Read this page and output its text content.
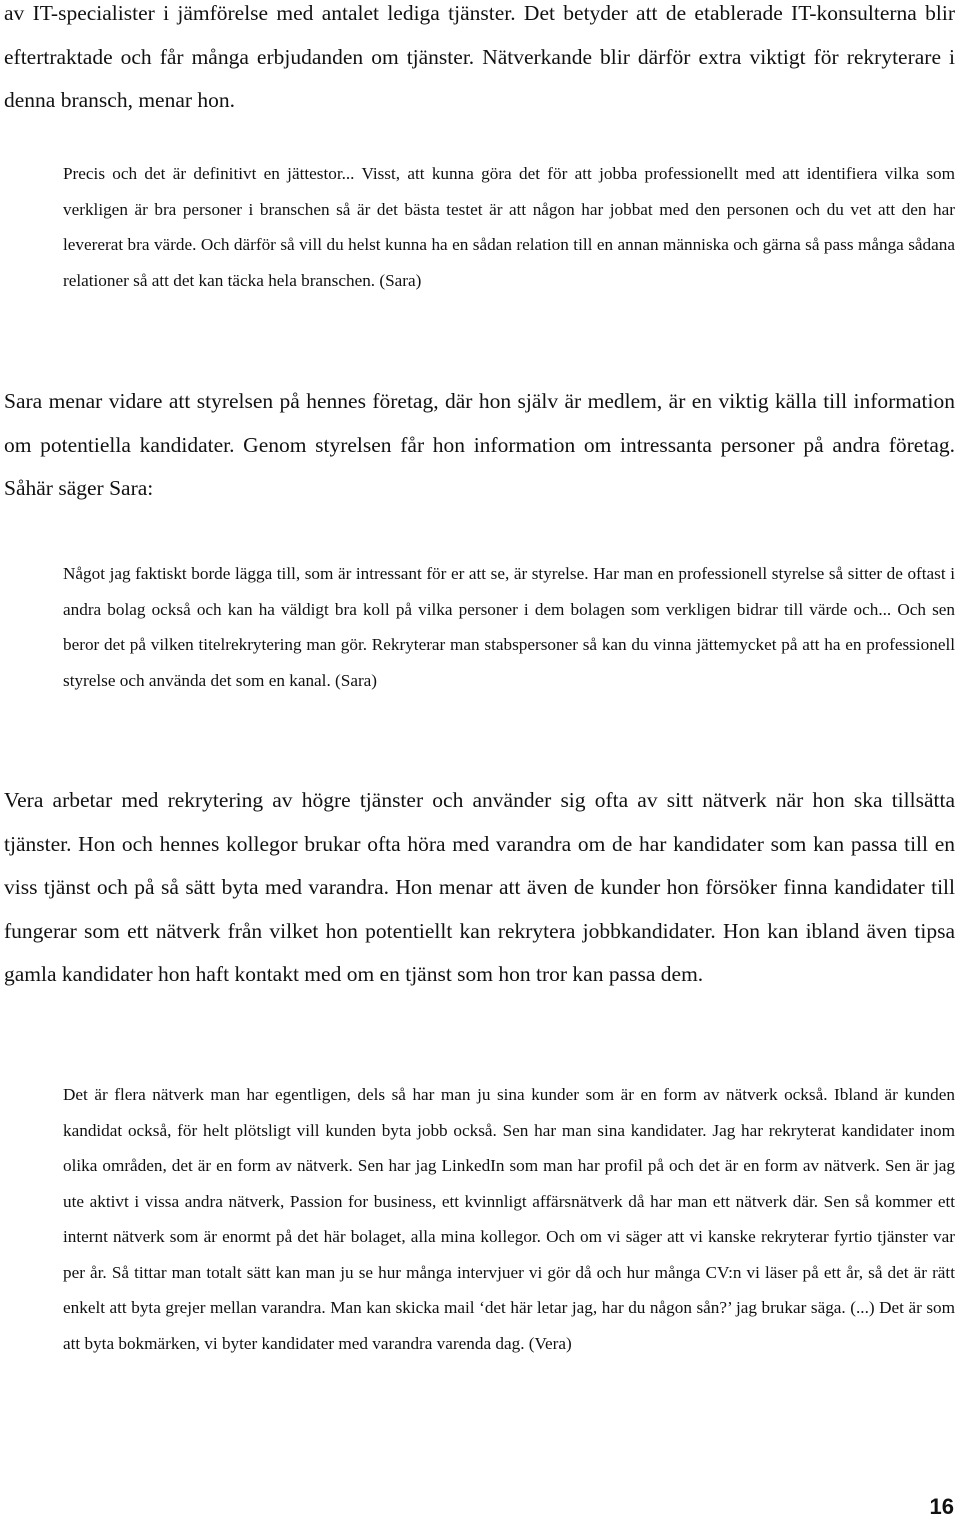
av IT-specialister i jämförelse med antalet lediga tjänster. Det betyder att de etablerade IT-konsulterna blir eftertraktade och får många erbjudanden om tjänster. Nätverkande blir därför extra viktigt för rekryterare i denna bransch, menar hon.

Precis och det är definitivt en jättestor... Visst, att kunna göra det för att jobba professionellt med att identifiera vilka som verkligen är bra personer i branschen så är det bästa testet är att någon har jobbat med den personen och du vet att den har levererat bra värde. Och därför så vill du helst kunna ha en sådan relation till en annan människa och gärna så pass många sådana relationer så att det kan täcka hela branschen. (Sara)

Sara menar vidare att styrelsen på hennes företag, där hon själv är medlem, är en viktig källa till information om potentiella kandidater. Genom styrelsen får hon information om intressanta personer på andra företag. Såhär säger Sara:

Något jag faktiskt borde lägga till, som är intressant för er att se, är styrelse. Har man en professionell styrelse så sitter de oftast i andra bolag också och kan ha väldigt bra koll på vilka personer i dem bolagen som verkligen bidrar till värde och... Och sen beror det på vilken titelrekrytering man gör. Rekryterar man stabspersoner så kan du vinna jättemycket på att ha en professionell styrelse och använda det som en kanal. (Sara)

Vera arbetar med rekrytering av högre tjänster och använder sig ofta av sitt nätverk när hon ska tillsätta tjänster. Hon och hennes kollegor brukar ofta höra med varandra om de har kandidater som kan passa till en viss tjänst och på så sätt byta med varandra. Hon menar att även de kunder hon försöker finna kandidater till fungerar som ett nätverk från vilket hon potentiellt kan rekrytera jobbkandidater. Hon kan ibland även tipsa gamla kandidater hon haft kontakt med om en tjänst som hon tror kan passa dem.

Det är flera nätverk man har egentligen, dels så har man ju sina kunder som är en form av nätverk också. Ibland är kunden kandidat också, för helt plötsligt vill kunden byta jobb också. Sen har man sina kandidater. Jag har rekryterat kandidater inom olika områden, det är en form av nätverk. Sen har jag LinkedIn som man har profil på och det är en form av nätverk. Sen är jag ute aktivt i vissa andra nätverk, Passion for business, ett kvinnligt affärsnätverk då har man ett nätverk där. Sen så kommer ett internt nätverk som är enormt på det här bolaget, alla mina kollegor. Och om vi säger att vi kanske rekryterar fyrtio tjänster var per år. Så tittar man totalt sätt kan man ju se hur många intervjuer vi gör då och hur många CV:n vi läser på ett år, så det är rätt enkelt att byta grejer mellan varandra. Man kan skicka mail ‘det här letar jag, har du någon sån?’ jag brukar säga. (...) Det är som att byta bokmärken, vi byter kandidater med varandra varenda dag. (Vera)

16
